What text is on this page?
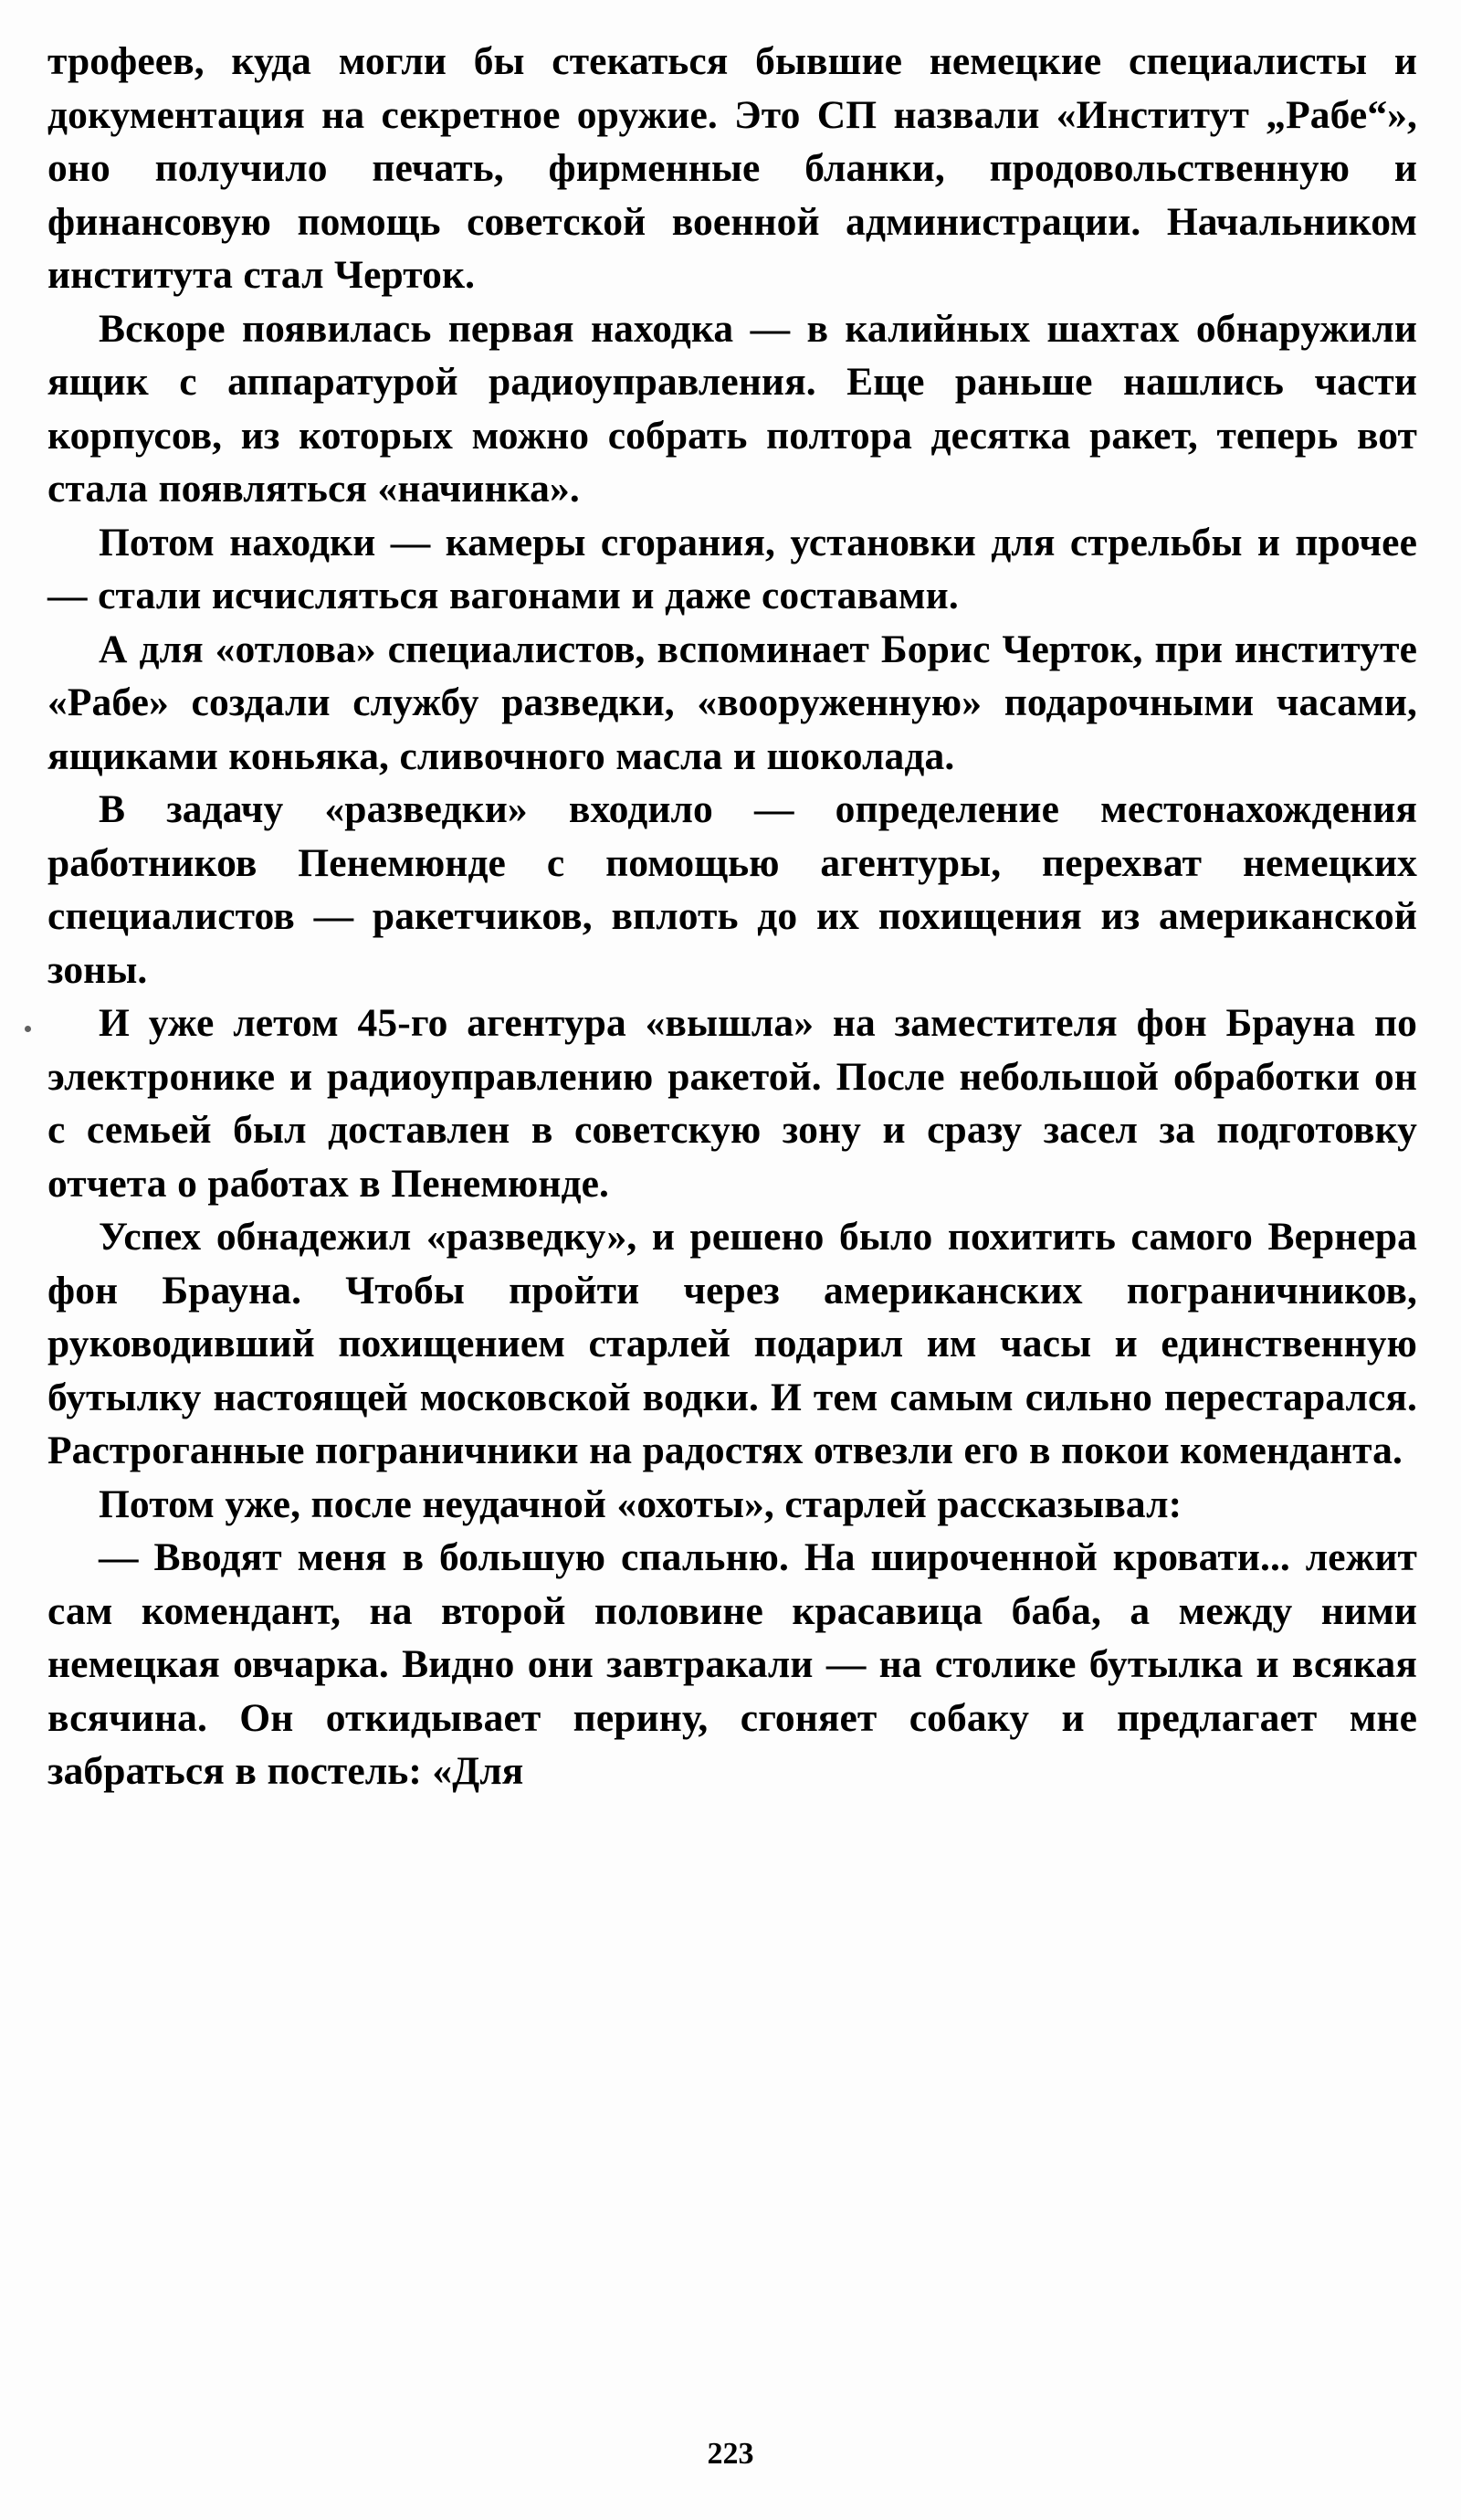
трофеев, куда могли бы стекаться бывшие немецкие специалисты и документация на секретное оружие. Это СП назвали «Институт „Рабе“», оно получило печать, фирменные бланки, продовольственную и финансовую помощь советской военной администрации. Начальником института стал Черток.

Вскоре появилась первая находка — в калийных шахтах обнаружили ящик с аппаратурой радиоуправления. Еще раньше нашлись части корпусов, из которых можно собрать полтора десятка ракет, теперь вот стала появляться «начинка».

Потом находки — камеры сгорания, установки для стрельбы и прочее — стали исчисляться вагонами и даже составами.

А для «отлова» специалистов, вспоминает Борис Черток, при институте «Рабе» создали службу разведки, «вооруженную» подарочными часами, ящиками коньяка, сливочного масла и шоколада.

В задачу «разведки» входило — определение местонахождения работников Пенемюнде с помощью агентуры, перехват немецких специалистов — ракетчиков, вплоть до их похищения из американской зоны.

И уже летом 45-го агентура «вышла» на заместителя фон Брауна по электронике и радиоуправлению ракетой. После небольшой обработки он с семьей был доставлен в советскую зону и сразу засел за подготовку отчета о работах в Пенемюнде.

Успех обнадежил «разведку», и решено было похитить самого Вернера фон Брауна. Чтобы пройти через американских пограничников, руководивший похищением старлей подарил им часы и единственную бутылку настоящей московской водки. И тем самым сильно перестарался. Растроганные пограничники на радостях отвезли его в покои коменданта.

Потом уже, после неудачной «охоты», старлей рассказывал:

— Вводят меня в большую спальню. На широченной кровати... лежит сам комендант, на второй половине красавица баба, а между ними немецкая овчарка. Видно они завтракали — на столике бутылка и всякая всячина. Он откидывает перину, сгоняет собаку и предлагает мне забраться в постель: «Для

223
